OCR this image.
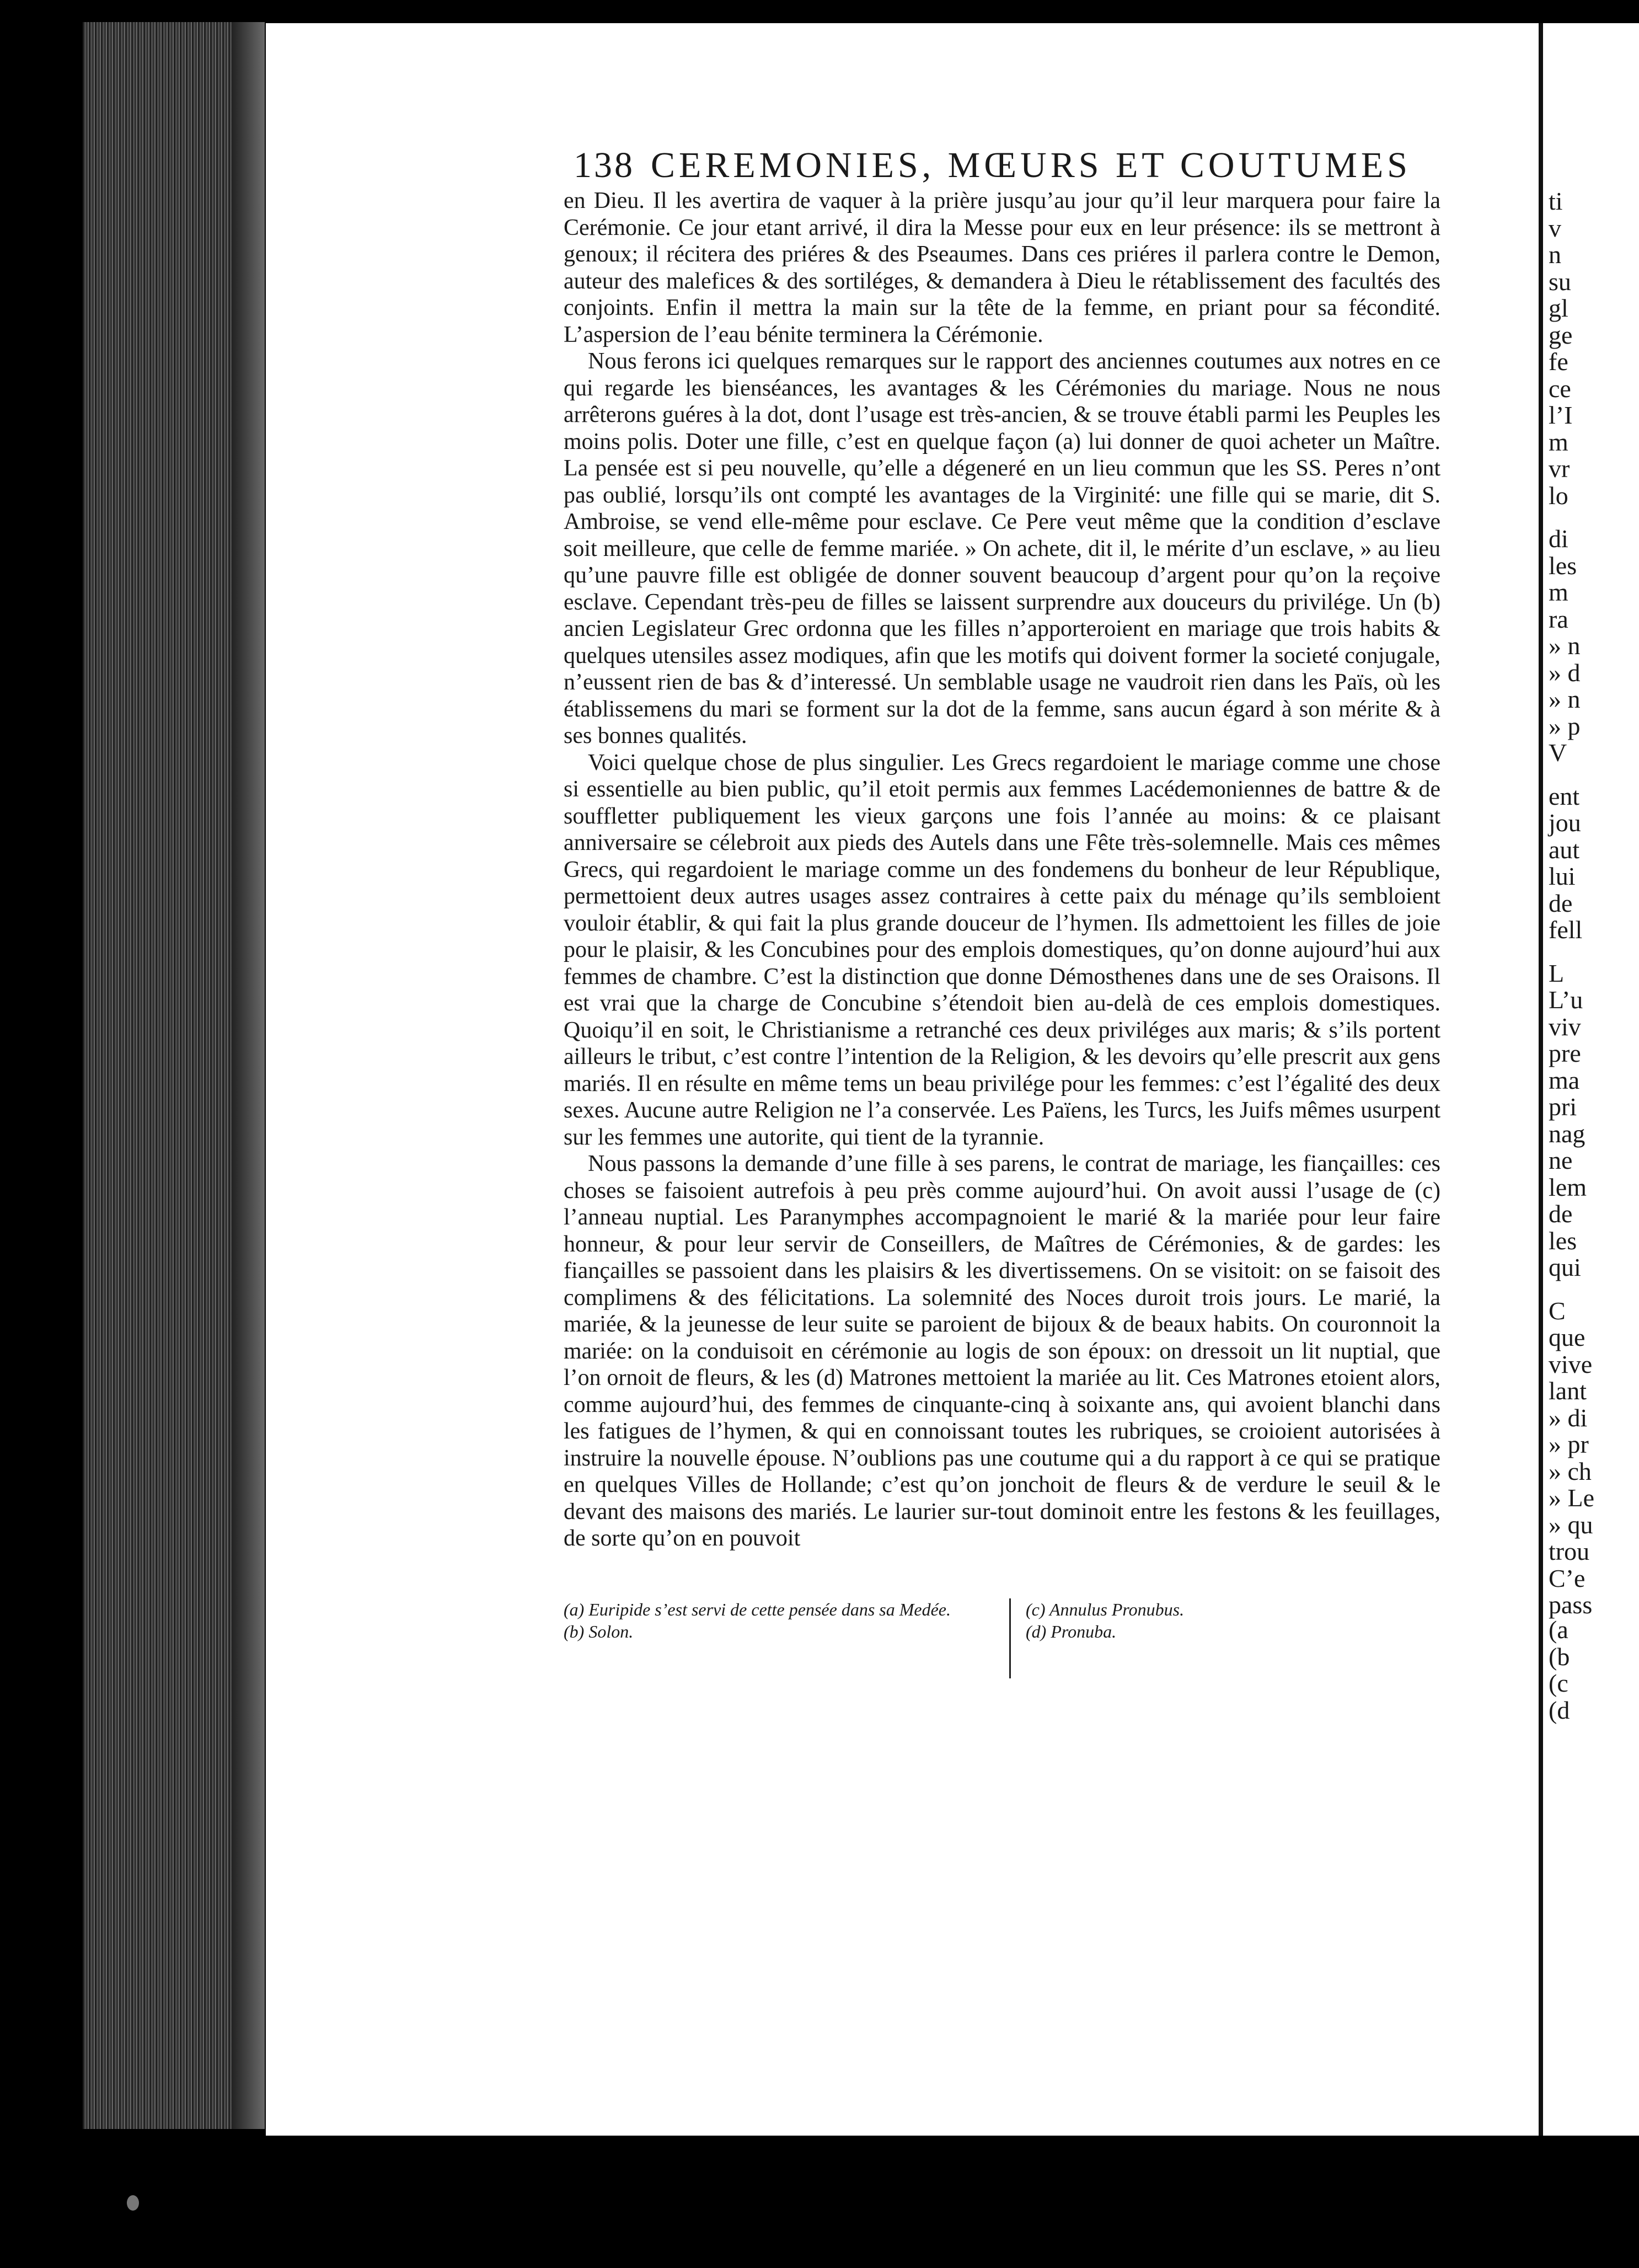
138 CEREMONIES, MŒURS ET COUTUMES

en Dieu. Il les avertira de vaquer à la prière jusqu’au jour qu’il leur marquera pour faire la Cerémonie. Ce jour etant arrivé, il dira la Messe pour eux en leur présence: ils se mettront à genoux; il récitera des priéres & des Pseaumes. Dans ces priéres il parlera contre le Demon, auteur des malefices & des sortiléges, & demandera à Dieu le rétablissement des facultés des conjoints. Enfin il mettra la main sur la tête de la femme, en priant pour sa fécondité. L’aspersion de l’eau bénite terminera la Cérémonie.

Nous ferons ici quelques remarques sur le rapport des anciennes coutumes aux notres en ce qui regarde les bienséances, les avantages & les Cérémonies du mariage. Nous ne nous arrêterons guéres à la dot, dont l’usage est très-ancien, & se trouve établi parmi les Peuples les moins polis. Doter une fille, c’est en quelque façon (a) lui donner de quoi acheter un Maître. La pensée est si peu nouvelle, qu’elle a dégeneré en un lieu commun que les SS. Peres n’ont pas oublié, lorsqu’ils ont compté les avantages de la Virginité: une fille qui se marie, dit S. Ambroise, se vend elle-même pour esclave. Ce Pere veut même que la condition d’esclave soit meilleure, que celle de femme mariée. » On achete, dit il, le mérite d’un esclave, » au lieu qu’une pauvre fille est obligée de donner souvent beaucoup d’argent pour qu’on la reçoive esclave. Cependant très-peu de filles se laissent surprendre aux douceurs du privilége. Un (b) ancien Legislateur Grec ordonna que les filles n’apporteroient en mariage que trois habits & quelques utensiles assez modiques, afin que les motifs qui doivent former la societé conjugale, n’eussent rien de bas & d’interessé. Un semblable usage ne vaudroit rien dans les Païs, où les établissemens du mari se forment sur la dot de la femme, sans aucun égard à son mérite & à ses bonnes qualités.

Voici quelque chose de plus singulier. Les Grecs regardoient le mariage comme une chose si essentielle au bien public, qu’il etoit permis aux femmes Lacédemoniennes de battre & de souffletter publiquement les vieux garçons une fois l’année au moins: & ce plaisant anniversaire se célebroit aux pieds des Autels dans une Fête très-solemnelle. Mais ces mêmes Grecs, qui regardoient le mariage comme un des fondemens du bonheur de leur République, permettoient deux autres usages assez contraires à cette paix du ménage qu’ils sembloient vouloir établir, & qui fait la plus grande douceur de l’hymen. Ils admettoient les filles de joie pour le plaisir, & les Concubines pour des emplois domestiques, qu’on donne aujourd’hui aux femmes de chambre. C’est la distinction que donne Démosthenes dans une de ses Oraisons. Il est vrai que la charge de Concubine s’étendoit bien au-delà de ces emplois domestiques. Quoiqu’il en soit, le Christianisme a retranché ces deux priviléges aux maris; & s’ils portent ailleurs le tribut, c’est contre l’intention de la Religion, & les devoirs qu’elle prescrit aux gens mariés. Il en résulte en même tems un beau privilége pour les femmes: c’est l’égalité des deux sexes. Aucune autre Religion ne l’a conservée. Les Païens, les Turcs, les Juifs mêmes usurpent sur les femmes une autorite, qui tient de la tyrannie.

Nous passons la demande d’une fille à ses parens, le contrat de mariage, les fiançailles: ces choses se faisoient autrefois à peu près comme aujourd’hui. On avoit aussi l’usage de (c) l’anneau nuptial. Les Paranymphes accompagnoient le marié & la mariée pour leur faire honneur, & pour leur servir de Conseillers, de Maîtres de Cérémonies, & de gardes: les fiançailles se passoient dans les plaisirs & les divertissemens. On se visitoit: on se faisoit des complimens & des félicitations. La solemnité des Noces duroit trois jours. Le marié, la mariée, & la jeunesse de leur suite se paroient de bijoux & de beaux habits. On couronnoit la mariée: on la conduisoit en cérémonie au logis de son époux: on dressoit un lit nuptial, que l’on ornoit de fleurs, & les (d) Matrones mettoient la mariée au lit. Ces Matrones etoient alors, comme aujourd’hui, des femmes de cinquante-cinq à soixante ans, qui avoient blanchi dans les fatigues de l’hymen, & qui en connoissant toutes les rubriques, se croioient autorisées à instruire la nouvelle épouse. N’oublions pas une coutume qui a du rapport à ce qui se pratique en quelques Villes de Hollande; c’est qu’on jonchoit de fleurs & de verdure le seuil & le devant des maisons des mariés. Le laurier sur-tout dominoit entre les festons & les feuillages, de sorte qu’on en pouvoit

(a) Euripide s’est servi de cette pensée dans sa Medée.
(b) Solon.
(c) Annulus Pronubus.
(d) Pronuba.
ti
v
n
su
gl
ge
fe
ce
l’I
m
vr
lo
di
les
m
ra
» n
» d
» n
» p
V
ent
jou
aut
lui
de
fell
L
L’u
viv
pre
ma
pri
nag
ne
lem
de
les
qui
C
que
vive
lant
» di
» pr
» ch
» Le
» qu
trou
C’e
pass
(a
(b
(c
(d
